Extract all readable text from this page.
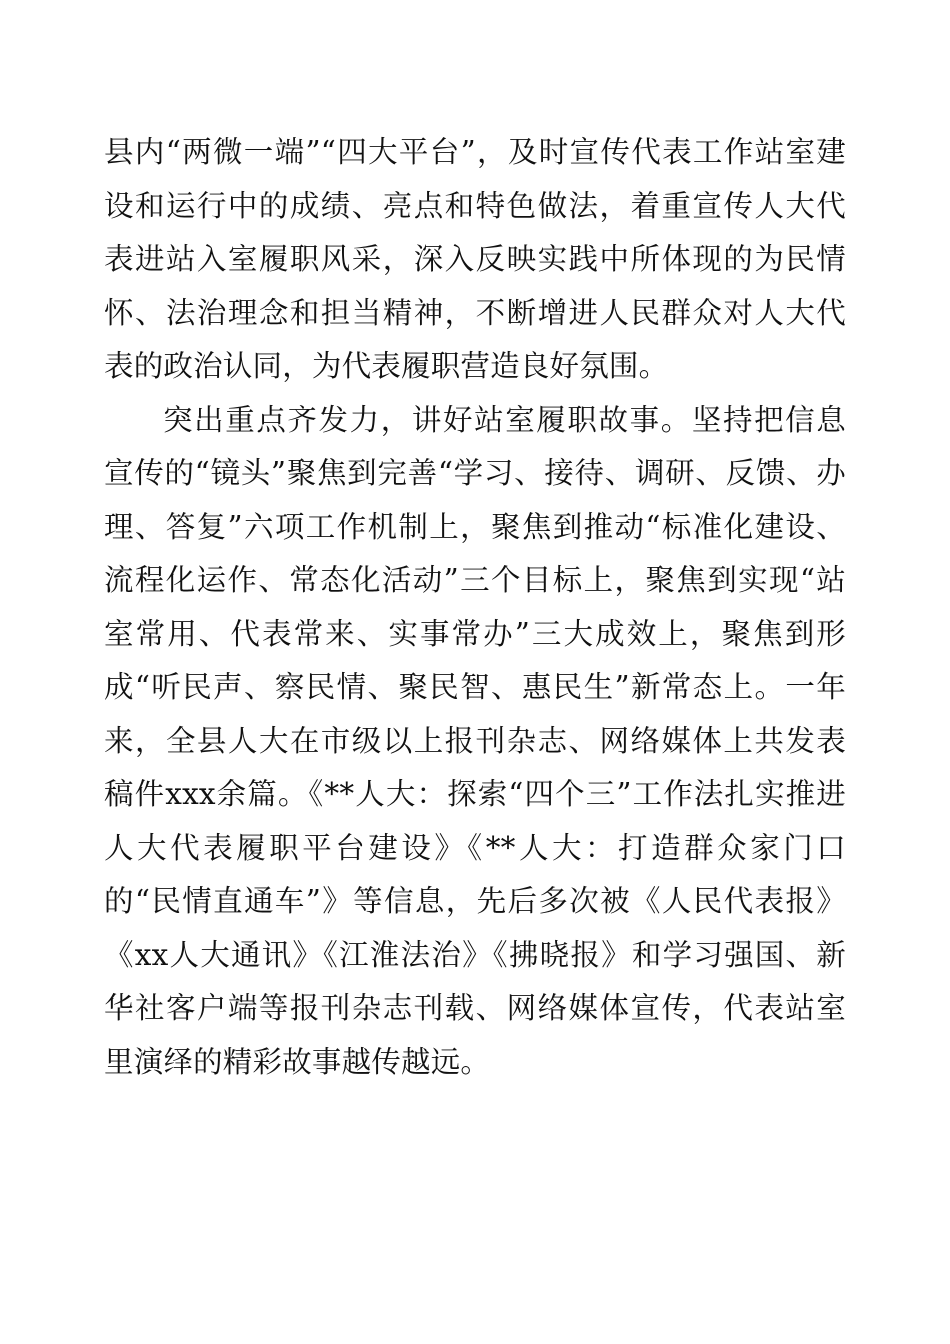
县内“两微一端”“四大平台”，及时宣传代表工作站室建设和运行中的成绩、亮点和特色做法，着重宣传人大代表进站入室履职风采，深入反映实践中所体现的为民情怀、法治理念和担当精神，不断增进人民群众对人大代表的政治认同，为代表履职营造良好氛围。

突出重点齐发力，讲好站室履职故事。坚持把信息宣传的“镜头”聚焦到完善“学习、接待、调研、反馈、办理、答复”六项工作机制上，聚焦到推动“标准化建设、流程化运作、常态化活动”三个目标上，聚焦到实现“站室常用、代表常来、实事常办”三大成效上，聚焦到形成“听民声、察民情、聚民智、惠民生”新常态上。一年来，全县人大在市级以上报刊杂志、网络媒体上共发表稿件xxx余篇。《**人大：探索“四个三”工作法扎实推进人大代表履职平台建设》《**人大：打造群众家门口的“民情直通车”》等信息，先后多次被《人民代表报》《xx人大通讯》《江淮法治》《拂晓报》和学习强国、新华社客户端等报刊杂志刊载、网络媒体宣传，代表站室里演绎的精彩故事越传越远。
